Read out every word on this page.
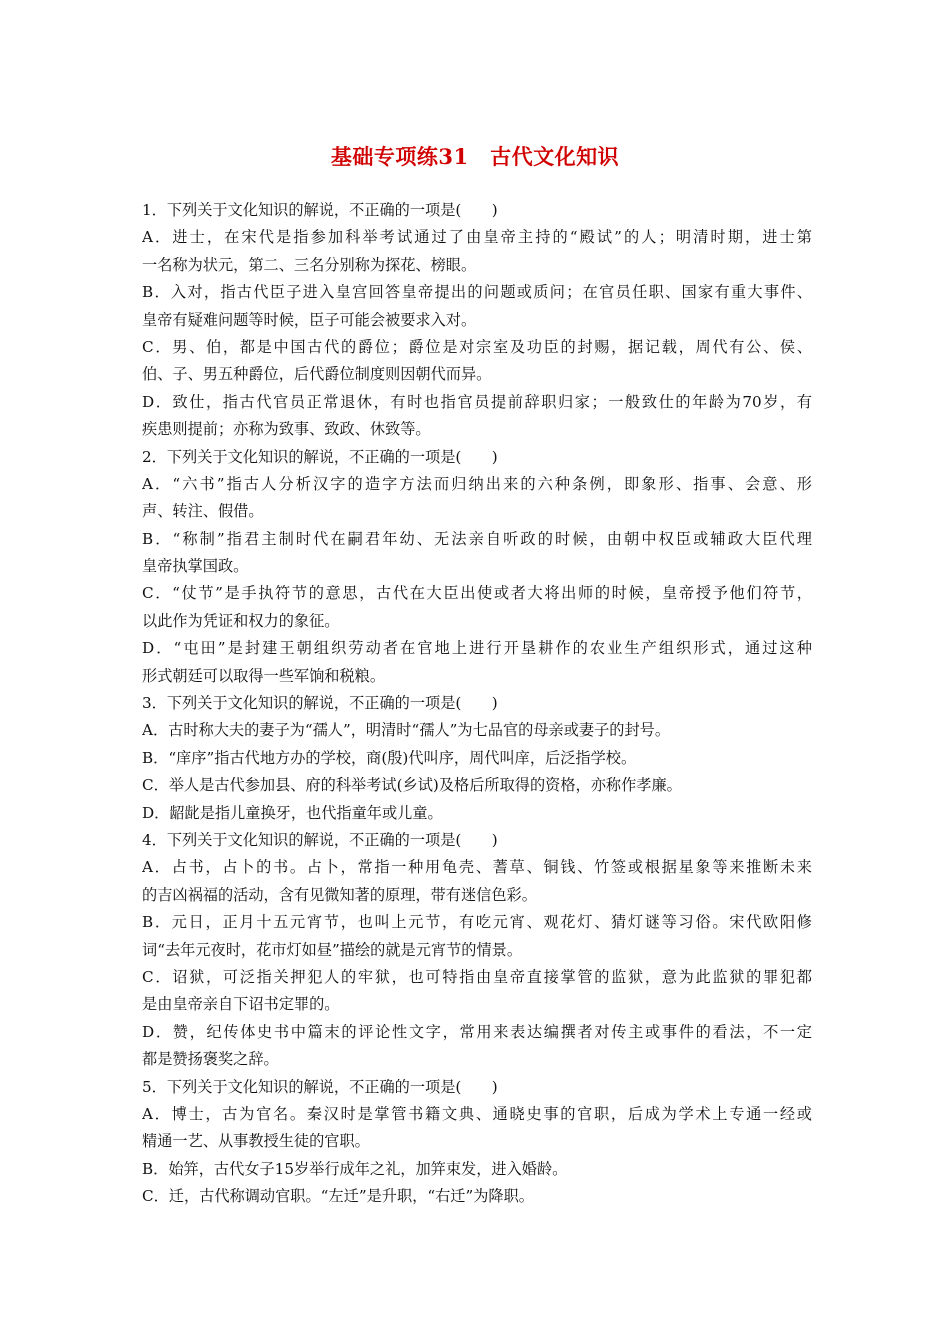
基础专项练31　古代文化知识
1．下列关于文化知识的解说，不正确的一项是(　　)
A．进士，在宋代是指参加科举考试通过了由皇帝主持的“殿试”的人；明清时期，进士第
一名称为状元，第二、三名分别称为探花、榜眼。
B．入对，指古代臣子进入皇宫回答皇帝提出的问题或质问；在官员任职、国家有重大事件、
皇帝有疑难问题等时候，臣子可能会被要求入对。
C．男、伯，都是中国古代的爵位；爵位是对宗室及功臣的封赐，据记载，周代有公、侯、
伯、子、男五种爵位，后代爵位制度则因朝代而异。
D．致仕，指古代官员正常退休，有时也指官员提前辞职归家；一般致仕的年龄为70岁，有
疾患则提前；亦称为致事、致政、休致等。
2．下列关于文化知识的解说，不正确的一项是(　　)
A．“六书”指古人分析汉字的造字方法而归纳出来的六种条例，即象形、指事、会意、形
声、转注、假借。
B．“称制”指君主制时代在嗣君年幼、无法亲自听政的时候，由朝中权臣或辅政大臣代理
皇帝执掌国政。
C．“仗节”是手执符节的意思，古代在大臣出使或者大将出师的时候，皇帝授予他们符节，
以此作为凭证和权力的象征。
D．“屯田”是封建王朝组织劳动者在官地上进行开垦耕作的农业生产组织形式，通过这种
形式朝廷可以取得一些军饷和税粮。
3．下列关于文化知识的解说，不正确的一项是(　　)
A．古时称大夫的妻子为“孺人”，明清时“孺人”为七品官的母亲或妻子的封号。
B．“庠序”指古代地方办的学校，商(殷)代叫序，周代叫庠，后泛指学校。
C．举人是古代参加县、府的科举考试(乡试)及格后所取得的资格，亦称作孝廉。
D．龆龀是指儿童换牙，也代指童年或儿童。
4．下列关于文化知识的解说，不正确的一项是(　　)
A．占书，占卜的书。占卜，常指一种用龟壳、蓍草、铜钱、竹签或根据星象等来推断未来
的吉凶祸福的活动，含有见微知著的原理，带有迷信色彩。
B．元日，正月十五元宵节，也叫上元节，有吃元宵、观花灯、猜灯谜等习俗。宋代欧阳修
词“去年元夜时，花市灯如昼”描绘的就是元宵节的情景。
C．诏狱，可泛指关押犯人的牢狱，也可特指由皇帝直接掌管的监狱，意为此监狱的罪犯都
是由皇帝亲自下诏书定罪的。
D．赞，纪传体史书中篇末的评论性文字，常用来表达编撰者对传主或事件的看法，不一定
都是赞扬褒奖之辞。
5．下列关于文化知识的解说，不正确的一项是(　　)
A．博士，古为官名。秦汉时是掌管书籍文典、通晓史事的官职，后成为学术上专通一经或
精通一艺、从事教授生徒的官职。
B．始笄，古代女子15岁举行成年之礼，加笄束发，进入婚龄。
C．迁，古代称调动官职。“左迁”是升职，“右迁”为降职。
